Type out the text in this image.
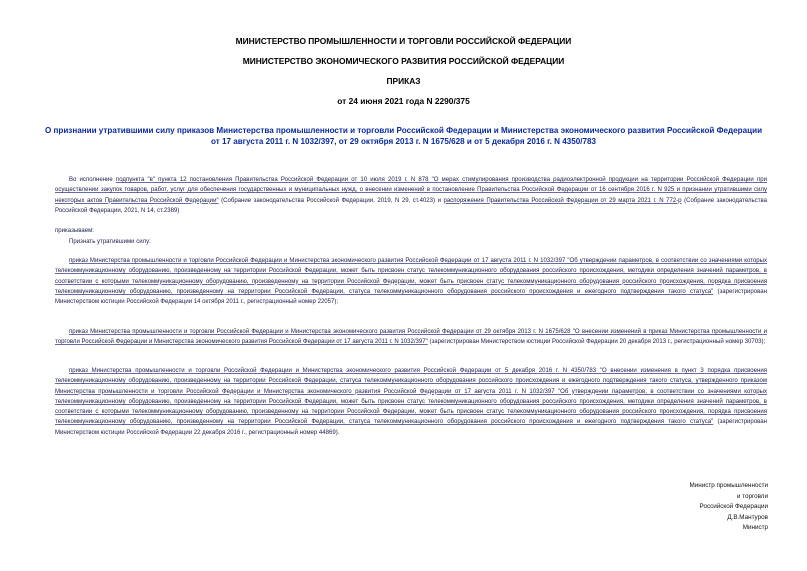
МИНИСТЕРСТВО ПРОМЫШЛЕННОСТИ И ТОРГОВЛИ РОССИЙСКОЙ ФЕДЕРАЦИИ
МИНИСТЕРСТВО ЭКОНОМИЧЕСКОГО РАЗВИТИЯ РОССИЙСКОЙ ФЕДЕРАЦИИ
ПРИКАЗ
от 24 июня 2021 года N 2290/375
О признании утратившими силу приказов Министерства промышленности и торговли Российской Федерации и Министерства экономического развития Российской Федерации от 17 августа 2011 г. N 1032/397, от 29 октября 2013 г. N 1675/628 и от 5 декабря 2016 г. N 4350/783
Во исполнение подпункта "в" пункта 12 постановления Правительства Российской Федерации от 10 июля 2019 г. N 878 "О мерах стимулирования производства радиоэлектронной продукции на территории Российской Федерации при осуществлении закупок товаров, работ, услуг для обеспечения государственных и муниципальных нужд, о внесении изменений в постановление Правительства Российской Федерации от 16 сентября 2016 г. N 925 и признании утратившими силу некоторых актов Правительства Российской Федерации" (Собрание законодательства Российской Федерации, 2019, N 29, ст.4023) и распоряжения Правительства Российской Федерации от 29 марта 2021 г. N 772-р (Собрание законодательства Российской Федерации, 2021, N 14, ст.2389)
приказываем:
Признать утратившими силу:
приказ Министерства промышленности и торговли Российской Федерации и Министерства экономического развития Российской Федерации от 17 августа 2011 г. N 1032/397 "Об утверждении параметров, в соответствии со значениями которых телекоммуникационному оборудованию, произведенному на территории Российской Федерации, может быть присвоен статус телекоммуникационного оборудования российского происхождения, методики определения значений параметров, в соответствии с которыми телекоммуникационному оборудованию, произведенному на территории Российской Федерации, может быть присвоен статус телекоммуникационного оборудования российского происхождения, порядка присвоения телекоммуникационному оборудованию, произведенному на территории Российской Федерации, статуса телекоммуникационного оборудования российского происхождения и ежегодного подтверждения такого статуса" (зарегистрирован Министерством юстиции Российской Федерации 14 октября 2011 г., регистрационный номер 22057);
приказ Министерства промышленности и торговли Российской Федерации и Министерства экономического развития Российской Федерации от 29 октября 2013 г. N 1675/628 "О внесении изменений в приказ Министерства промышленности и торговли Российской Федерации и Министерства экономического развития Российской Федерации от 17 августа 2011 г. N 1032/397" (зарегистрирован Министерством юстиции Российской Федерации 20 декабря 2013 г., регистрационный номер 30703);
приказ Министерства промышленности и торговли Российской Федерации и Министерства экономического развития Российской Федерации от 5 декабря 2016 г. N 4350/783 "О внесении изменения в пункт 3 порядка присвоения телекоммуникационному оборудованию, произведенному на территории Российской Федерации, статуса телекоммуникационного оборудования российского происхождения и ежегодного подтверждения такого статуса, утвержденного приказом Министерства промышленности и торговли Российской Федерации и Министерства экономического развития Российской Федерации от 17 августа 2011 г. N 1032/397 "Об утверждении параметров, в соответствии со значениями которых телекоммуникационному оборудованию, произведенному на территории Российской Федерации, может быть присвоен статус телекоммуникационного оборудования российского происхождения, методики определения значений параметров, в соответствии с которыми телекоммуникационному оборудованию, произведенному на территории Российской Федерации, может быть присвоен статус телекоммуникационного оборудования российского происхождения, порядка присвоения телекоммуникационному оборудованию, произведенному на территории Российской Федерации, статуса телекоммуникационного оборудования российского происхождения и ежегодного подтверждения такого статуса" (зарегистрирован Министерством юстиции Российской Федерации 22 декабря 2016 г., регистрационный номер 44869).
Министр промышленности
и торговли
Российской Федерации
Д.В.Мантуров
Министр
